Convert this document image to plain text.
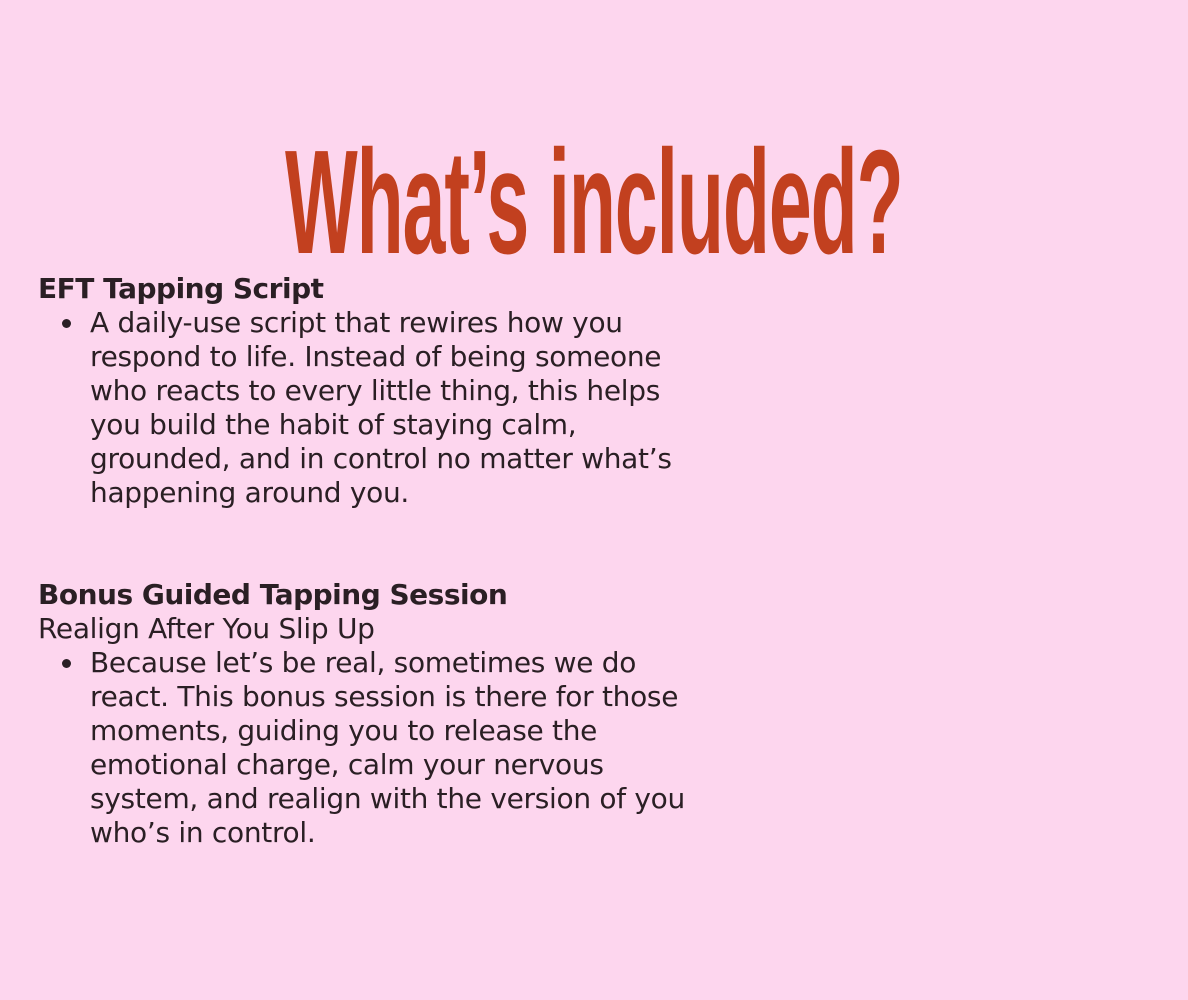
What’s included?
EFT Tapping Script
A daily-use script that rewires how you
respond to life. Instead of being someone
who reacts to every little thing, this helps
you build the habit of staying calm,
grounded, and in control no matter what’s
happening around you.
Bonus Guided Tapping Session

Realign After You Slip Up

Because let’s be real, sometimes we do
react. This bonus session is there for those
moments, guiding you to release the
emotional charge, calm your nervous
system, and realign with the version of you
who’s in control.
